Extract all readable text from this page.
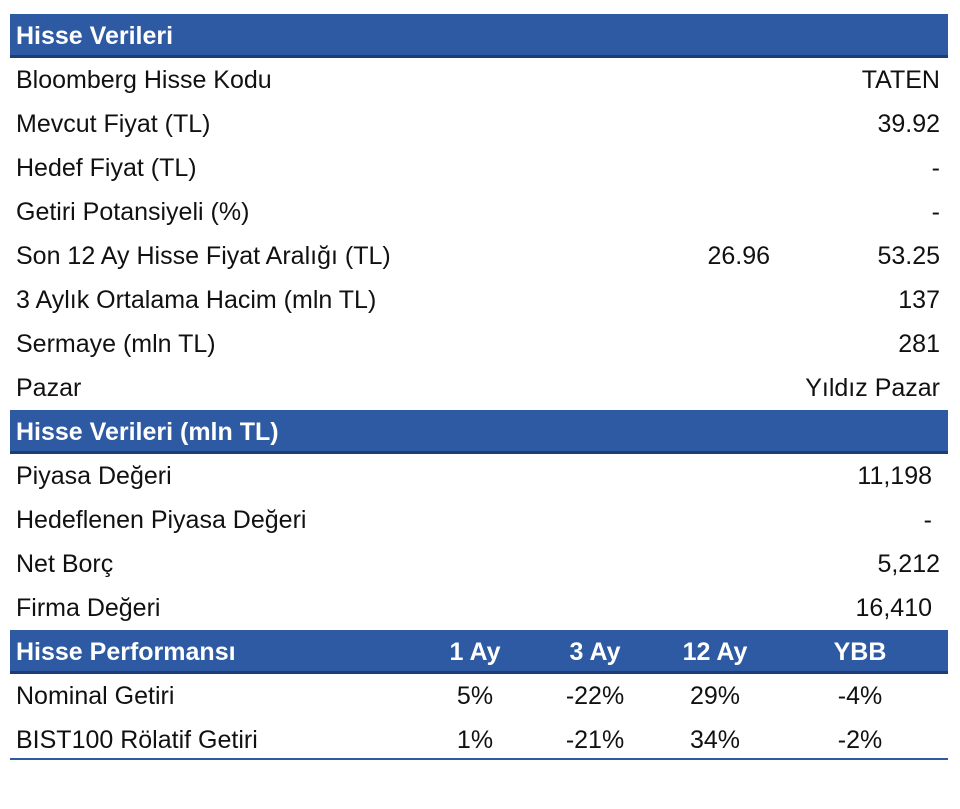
Hisse Verileri
Bloomberg Hisse Kodu	TATEN
Mevcut Fiyat (TL)	39.92
Hedef Fiyat (TL)	-
Getiri Potansiyeli (%)	-
Son 12 Ay Hisse Fiyat Aralığı (TL)	26.96	53.25
3 Aylık Ortalama Hacim (mln TL)	137
Sermaye (mln TL)	281
Pazar	Yıldız Pazar
Hisse Verileri (mln TL)
Piyasa Değeri	11,198
Hedeflenen Piyasa Değeri	-
Net Borç	5,212
Firma Değeri	16,410
Hisse Performansı	1 Ay	3 Ay	12 Ay	YBB
Nominal Getiri	5%	-22%	29%	-4%
BIST100 Rölatif Getiri	1%	-21%	34%	-2%
